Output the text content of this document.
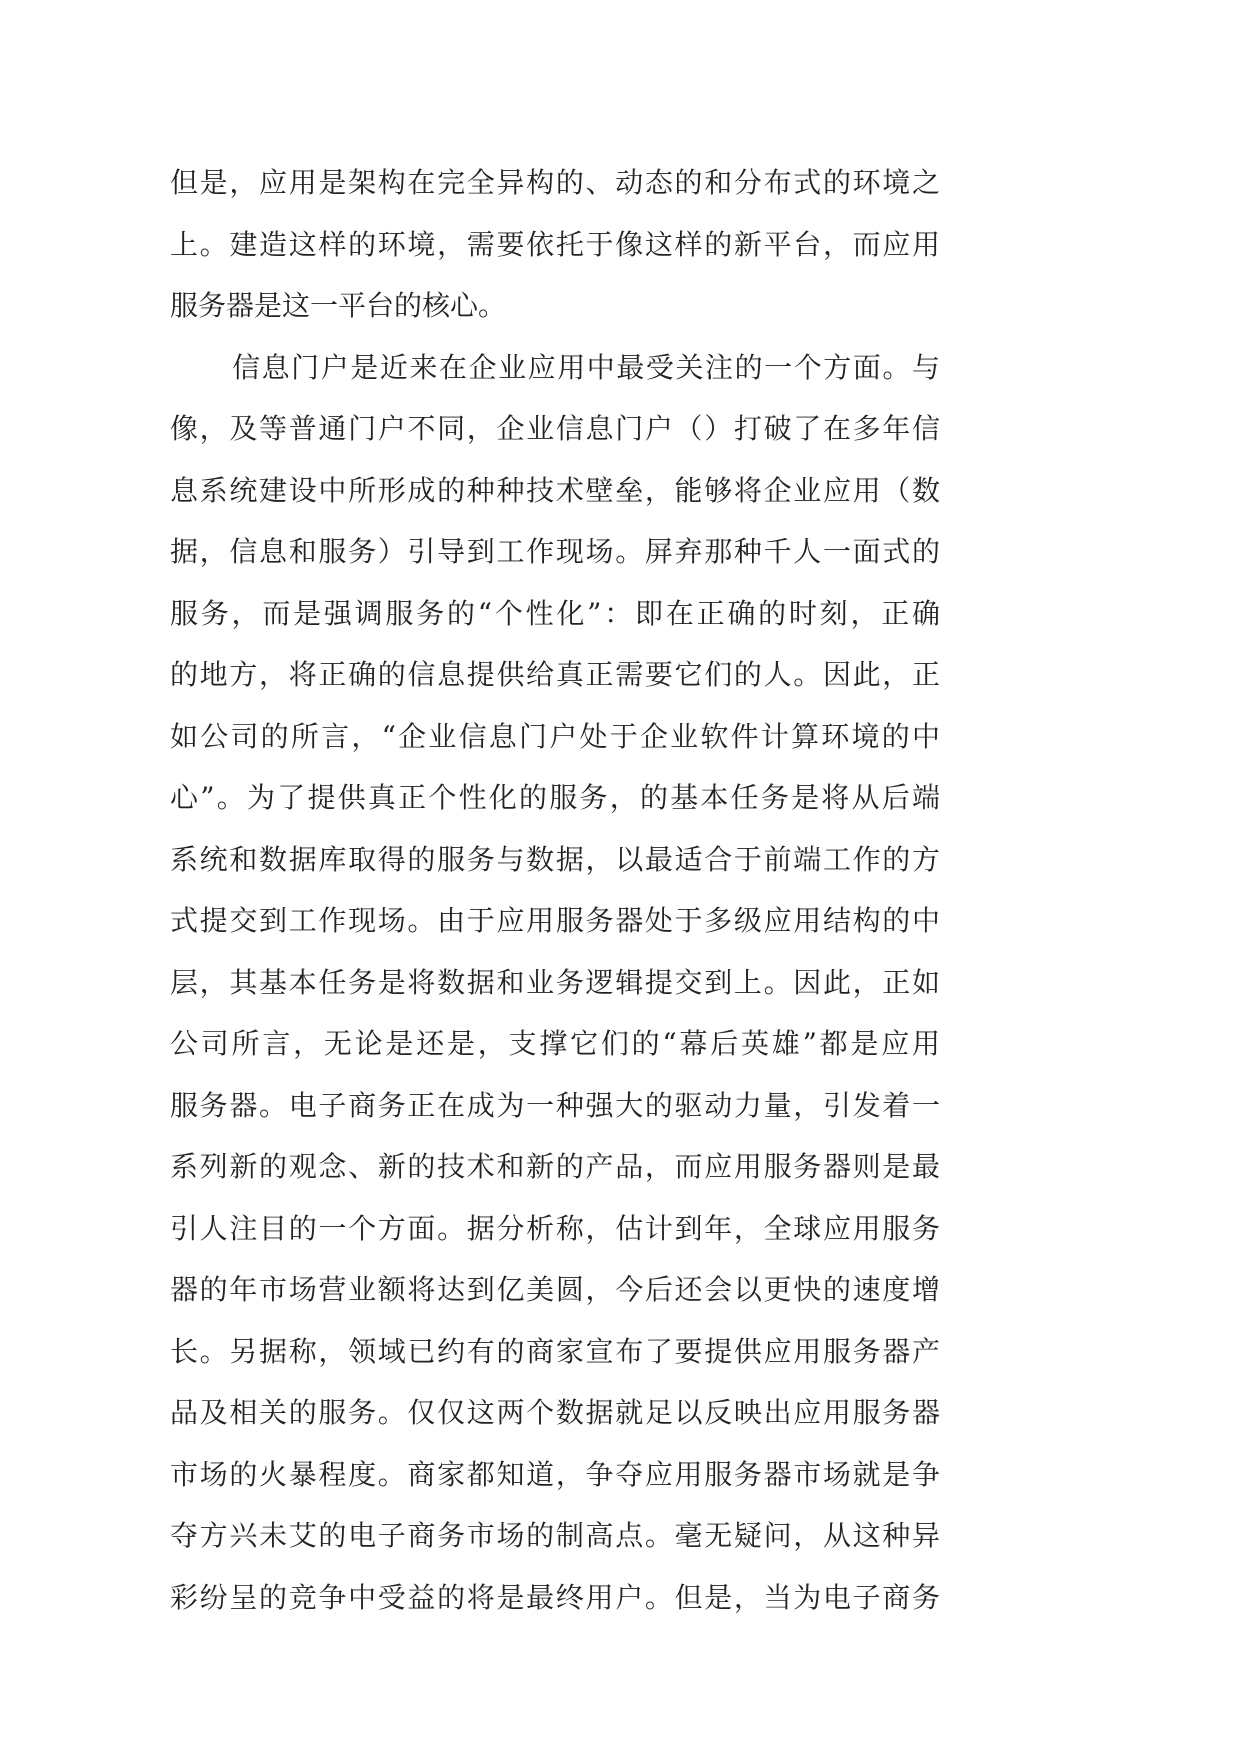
但是，应用是架构在完全异构的、动态的和分布式的环境之
上。建造这样的环境，需要依托于像这样的新平台，而应用
服务器是这一平台的核心。
信息门户是近来在企业应用中最受关注的一个方面。与
像，及等普通门户不同，企业信息门户（）打破了在多年信
息系统建设中所形成的种种技术壁垒，能够将企业应用（数
据，信息和服务）引导到工作现场。屏弃那种千人一面式的
服务，而是强调服务的“个性化”：即在正确的时刻，正确
的地方，将正确的信息提供给真正需要它们的人。因此，正
如公司的所言，“企业信息门户处于企业软件计算环境的中
心”。为了提供真正个性化的服务，的基本任务是将从后端
系统和数据库取得的服务与数据，以最适合于前端工作的方
式提交到工作现场。由于应用服务器处于多级应用结构的中
层，其基本任务是将数据和业务逻辑提交到上。因此，正如
公司所言，无论是还是，支撑它们的“幕后英雄”都是应用
服务器。电子商务正在成为一种强大的驱动力量，引发着一
系列新的观念、新的技术和新的产品，而应用服务器则是最
引人注目的一个方面。据分析称，估计到年，全球应用服务
器的年市场营业额将达到亿美圆，今后还会以更快的速度增
长。另据称，领域已约有的商家宣布了要提供应用服务器产
品及相关的服务。仅仅这两个数据就足以反映出应用服务器
市场的火暴程度。商家都知道，争夺应用服务器市场就是争
夺方兴未艾的电子商务市场的制高点。毫无疑问，从这种异
彩纷呈的竞争中受益的将是最终用户。但是，当为电子商务
